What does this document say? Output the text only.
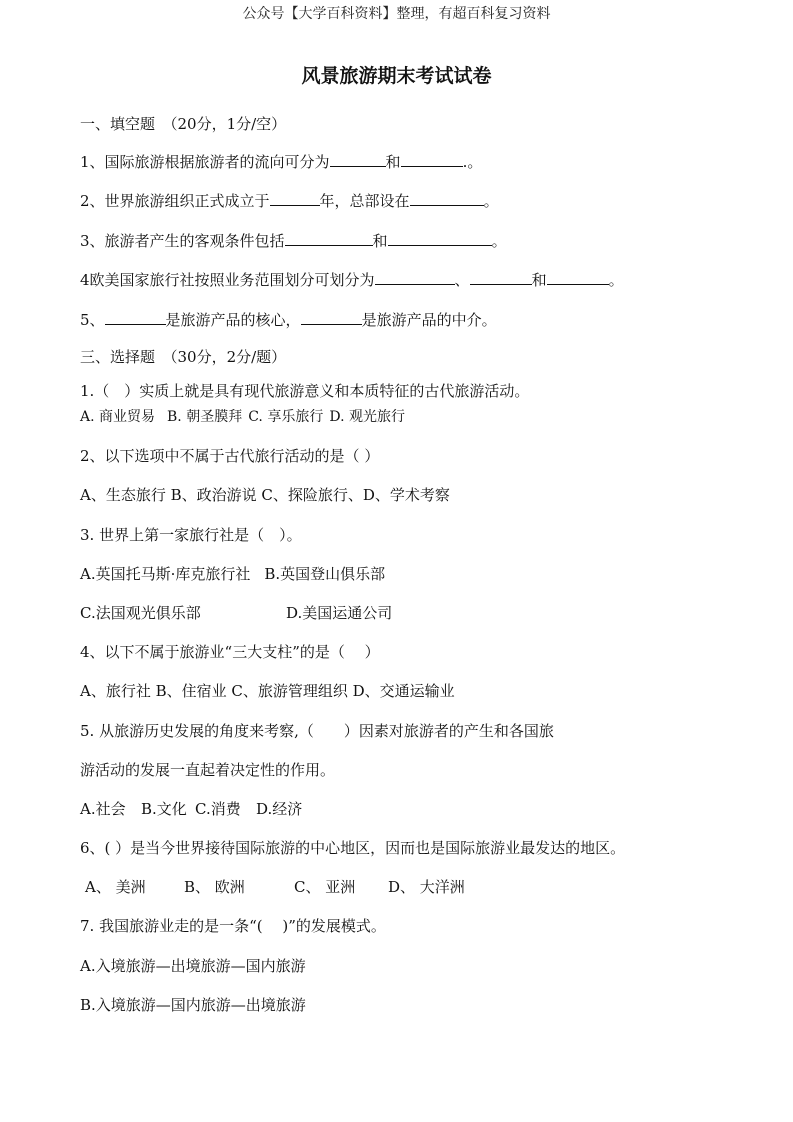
公众号【大学百科资料】整理，有超百科复习资料
风景旅游期末考试试卷
一、填空题　（20分，1分/空）
1、国际旅游根据旅游者的流向可分为	和	.。
2、世界旅游组织正式成立于	年，总部设在	。
3、旅游者产生的客观条件包括	和	。
4欧美国家旅行社按照业务范围划分可划分为	、	和	。
5、	是旅游产品的核心，	是旅游产品的中介。
三、选择题　（30分，2分/题）
1.（　）实质上就是具有现代旅游意义和本质特征的古代旅游活动。
A. 商业贸易 B. 朝圣膜拜 C. 享乐旅行 D. 观光旅行
2、以下选项中不属于古代旅行活动的是（ ）
A、生态旅行 B、政治游说 C、探险旅行、D、学术考察
3. 世界上第一家旅行社是（　）。
A.英国托马斯·库克旅行社 B.英国登山俱乐部
C.法国观光俱乐部	D.美国运通公司
4、以下不属于旅游业“三大支柱”的是（　 ）
A、旅行社 B、住宿业 C、旅游管理组织 D、交通运输业
5. 从旅游历史发展的角度来考察,（　　）因素对旅游者的产生和各国旅
游活动的发展一直起着决定性的作用。
A.社会 B.文化 C.消费 D.经济
6、( ）是当今世界接待国际旅游的中心地区，因而也是国际旅游业最发达的地区。
A、 美洲	B、 欧洲	C、 亚洲 D、 大洋洲
7. 我国旅游业走的是一条“(　 )”的发展模式。
A.入境旅游—出境旅游—国内旅游
B.入境旅游—国内旅游—出境旅游
